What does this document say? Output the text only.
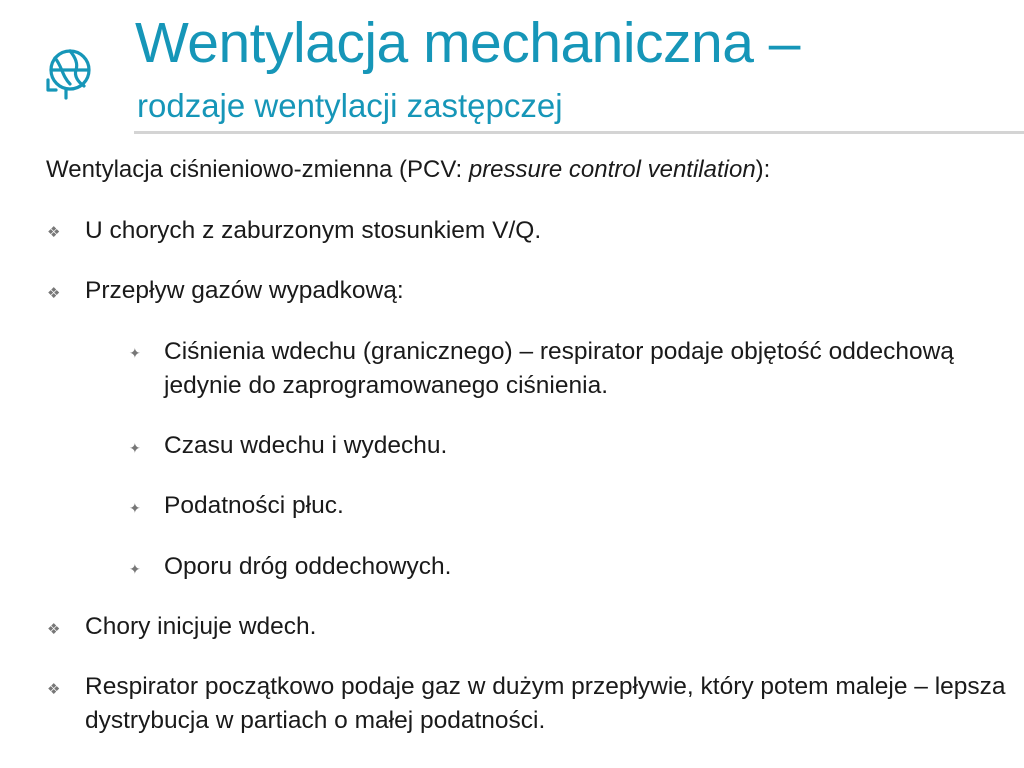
Wentylacja mechaniczna –
rodzaje wentylacji zastępczej
Wentylacja ciśnieniowo-zmienna (PCV: pressure control ventilation):
❖ U chorych z zaburzonym stosunkiem V/Q.
❖ Przepływ gazów wypadkową:
✦ Ciśnienia wdechu (granicznego) – respirator podaje objętość oddechową jedynie do zaprogramowanego ciśnienia.
✦ Czasu wdechu i wydechu.
✦ Podatności płuc.
✦ Oporu dróg oddechowych.
❖ Chory inicjuje wdech.
❖ Respirator początkowo podaje gaz w dużym przepływie, który potem maleje – lepsza dystrybucja w partiach o małej podatności.
